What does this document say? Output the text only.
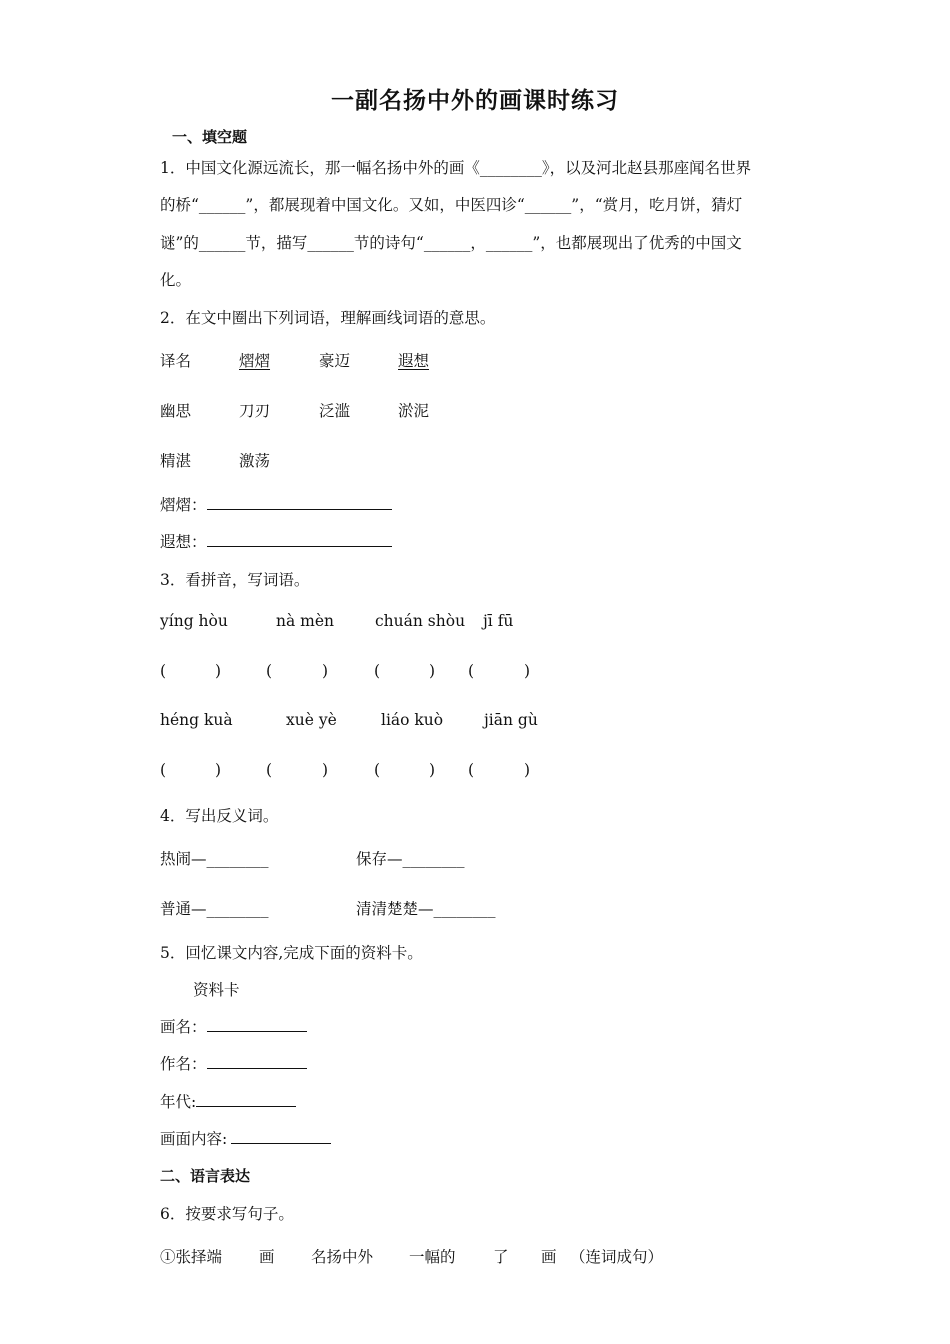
一副名扬中外的画课时练习
一、填空题
1．中国文化源远流长，那一幅名扬中外的画《________》，以及河北赵县那座闻名世界
的桥“______”，都展现着中国文化。又如，中医四诊“______”，“赏月，吃月饼，猜灯
谜”的______节，描写______节的诗句“______，______”，也都展现出了优秀的中国文
化。
2．在文中圈出下列词语，理解画线词语的意思。
译名	熠熠	豪迈	遐想
幽思	刀刃	泛滥	淤泥
精湛	激荡
熠熠：
遐想：
3．看拼音，写词语。
yíng hòu	nà mèn	chuán shòu jī fū
(	)	(	)	(	) (	)
héng kuà	xuè yè	liáo kuò	jiān gù
(	)	(	)	(	) (	)
4．写出反义词。
热闹—________	保存—________
普通—________	清清楚楚—________
5．回忆课文内容,完成下面的资料卡。
资料卡
画名：
作名：
年代:
画面内容:
二、语言表达
6．按要求写句子。
①张择端 画 名扬中外 一幅的 了 画 （连词成句）
